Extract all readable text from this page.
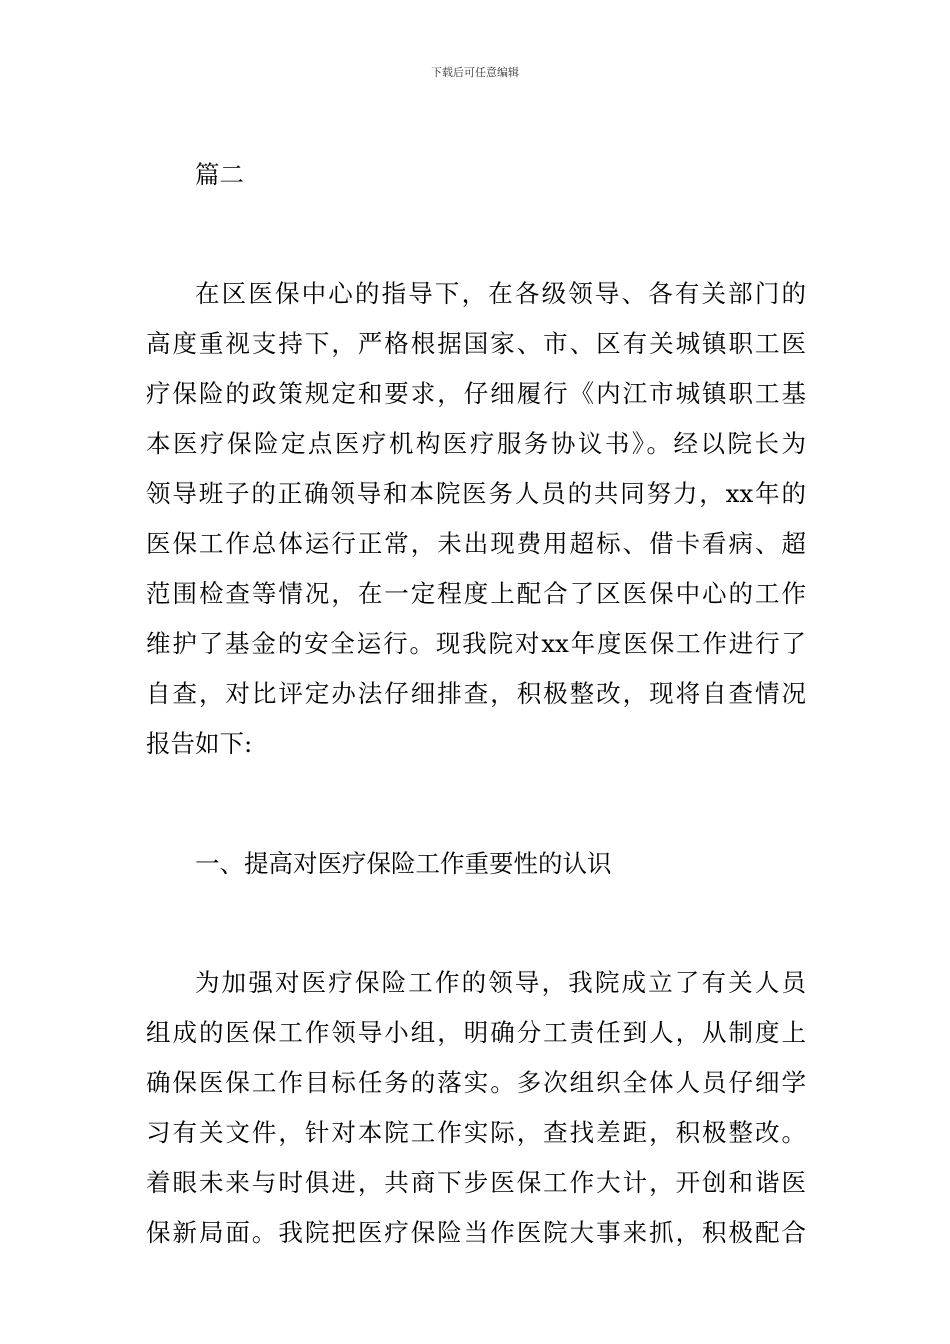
下载后可任意编辑
篇二
在区医保中心的指导下，在各级领导、各有关部门的
高度重视支持下，严格根据国家、市、区有关城镇职工医
疗保险的政策规定和要求，仔细履行《内江市城镇职工基
本医疗保险定点医疗机构医疗服务协议书》。经以院长为
领导班子的正确领导和本院医务人员的共同努力，xx年的
医保工作总体运行正常，未出现费用超标、借卡看病、超
范围检查等情况，在一定程度上配合了区医保中心的工作
维护了基金的安全运行。现我院对xx年度医保工作进行了
自查，对比评定办法仔细排查，积极整改，现将自查情况
报告如下:
一、提高对医疗保险工作重要性的认识
为加强对医疗保险工作的领导，我院成立了有关人员
组成的医保工作领导小组，明确分工责任到人，从制度上
确保医保工作目标任务的落实。多次组织全体人员仔细学
习有关文件，针对本院工作实际，查找差距，积极整改。
着眼未来与时俱进，共商下步医保工作大计，开创和谐医
保新局面。我院把医疗保险当作医院大事来抓，积极配合
